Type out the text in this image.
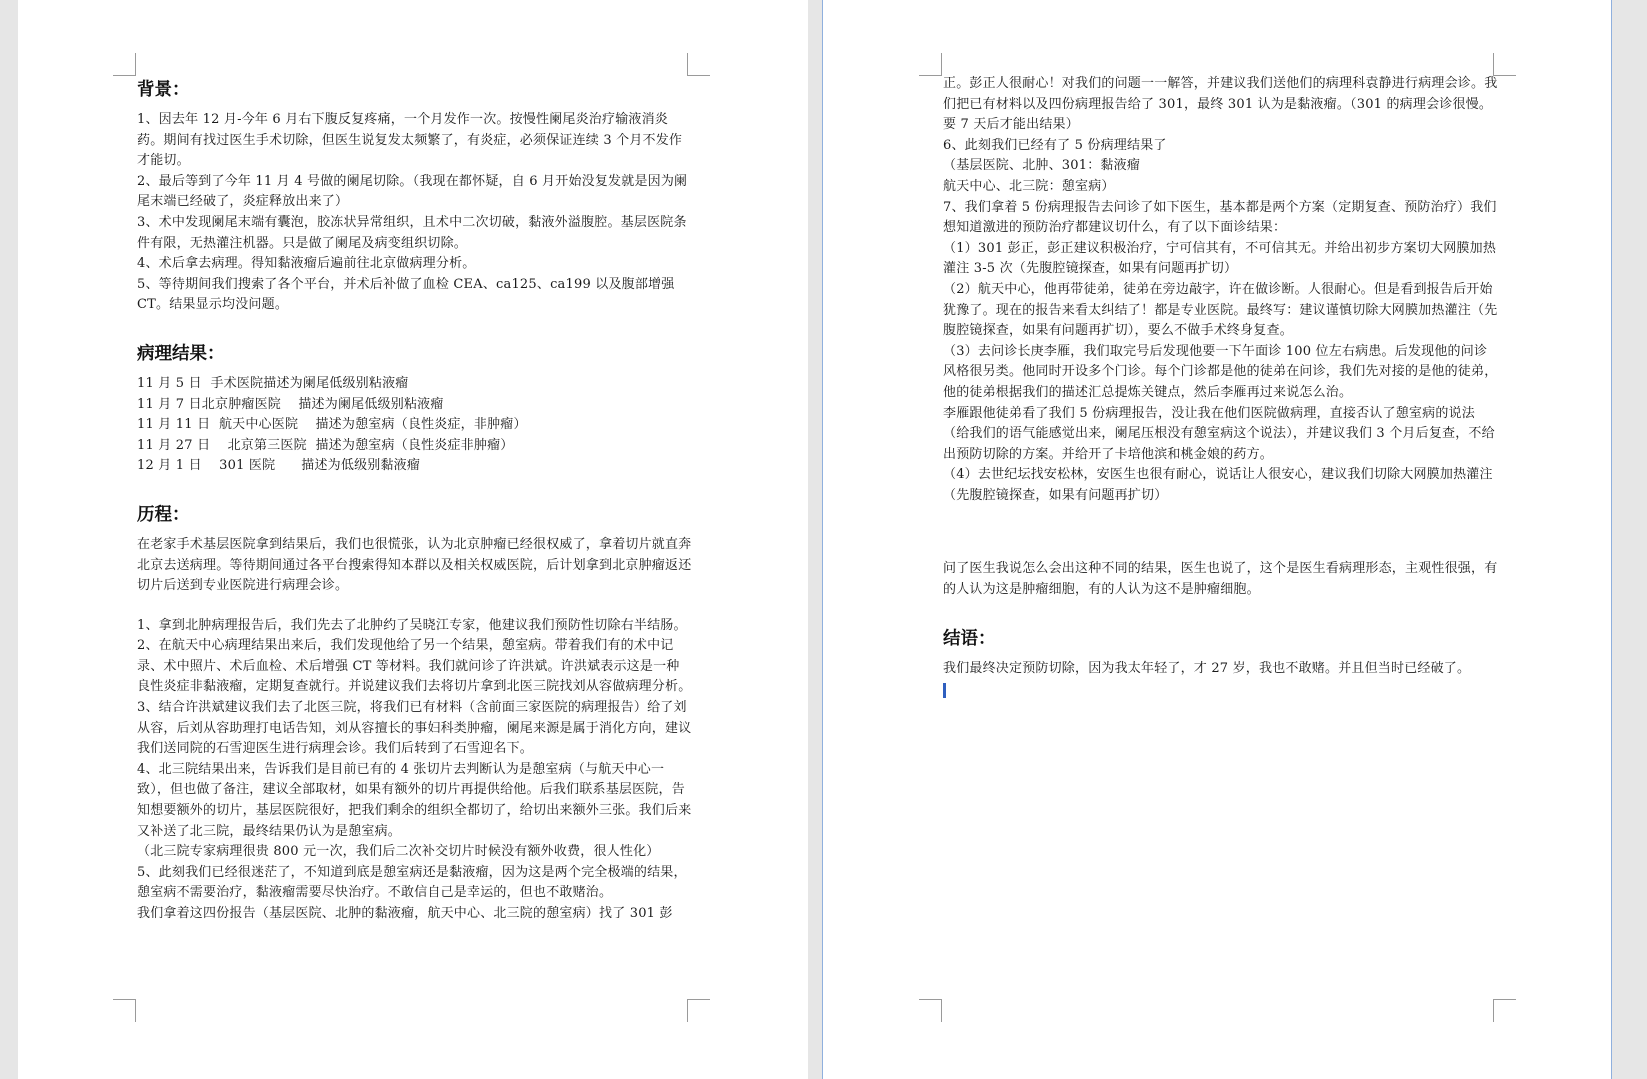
背景：

1、因去年 12 月-今年 6 月右下腹反复疼痛，一个月发作一次。按慢性阑尾炎治疗输液消炎药。期间有找过医生手术切除，但医生说复发太频繁了，有炎症，必须保证连续 3 个月不发作才能切。

2、最后等到了今年 11 月 4 号做的阑尾切除。（我现在都怀疑，自 6 月开始没复发就是因为阑尾末端已经破了，炎症释放出来了）

3、术中发现阑尾末端有囊泡，胶冻状异常组织，且术中二次切破，黏液外溢腹腔。基层医院条件有限，无热灌注机器。只是做了阑尾及病变组织切除。

4、术后拿去病理。得知黏液瘤后遍前往北京做病理分析。

5、等待期间我们搜索了各个平台，并术后补做了血检 CEA、ca125、ca199 以及腹部增强 CT。结果显示均没问题。

病理结果：

11 月 5 日  手术医院描述为阑尾低级别粘液瘤

11 月 7 日北京肿瘤医院    描述为阑尾低级别粘液瘤

11 月 11 日  航天中心医院    描述为憩室病（良性炎症，非肿瘤）

11 月 27 日    北京第三医院  描述为憩室病（良性炎症非肿瘤）

12 月 1 日    301 医院      描述为低级别黏液瘤

历程：

在老家手术基层医院拿到结果后，我们也很慌张，认为北京肿瘤已经很权威了，拿着切片就直奔北京去送病理。等待期间通过各平台搜索得知本群以及相关权威医院，后计划拿到北京肿瘤返还切片后送到专业医院进行病理会诊。

1、拿到北肿病理报告后，我们先去了北肿约了吴晓江专家，他建议我们预防性切除右半结肠。

2、在航天中心病理结果出来后，我们发现他给了另一个结果，憩室病。带着我们有的术中记录、术中照片、术后血检、术后增强 CT 等材料。我们就问诊了许洪斌。许洪斌表示这是一种良性炎症非黏液瘤，定期复查就行。并说建议我们去将切片拿到北医三院找刘从容做病理分析。

3、结合许洪斌建议我们去了北医三院，将我们已有材料（含前面三家医院的病理报告）给了刘从容，后刘从容助理打电话告知，刘从容擅长的事妇科类肿瘤，阑尾来源是属于消化方向，建议我们送同院的石雪迎医生进行病理会诊。我们后转到了石雪迎名下。

4、北三院结果出来，告诉我们是目前已有的 4 张切片去判断认为是憩室病（与航天中心一致），但也做了备注，建议全部取材，如果有额外的切片再提供给他。后我们联系基层医院，告知想要额外的切片，基层医院很好，把我们剩余的组织全都切了，给切出来额外三张。我们后来又补送了北三院，最终结果仍认为是憩室病。

（北三院专家病理很贵 800 元一次，我们后二次补交切片时候没有额外收费，很人性化）

5、此刻我们已经很迷茫了，不知道到底是憩室病还是黏液瘤，因为这是两个完全极端的结果，憩室病不需要治疗，黏液瘤需要尽快治疗。不敢信自己是幸运的，但也不敢赌治。

我们拿着这四份报告（基层医院、北肿的黏液瘤，航天中心、北三院的憩室病）找了 301 彭

正。彭正人很耐心！对我们的问题一一解答，并建议我们送他们的病理科袁静进行病理会诊。我们把已有材料以及四份病理报告给了 301，最终 301 认为是黏液瘤。（301 的病理会诊很慢。要 7 天后才能出结果）

6、此刻我们已经有了 5 份病理结果了

（基层医院、北肿、301：黏液瘤

航天中心、北三院：憩室病）

7、我们拿着 5 份病理报告去问诊了如下医生，基本都是两个方案（定期复查、预防治疗）我们想知道激进的预防治疗都建议切什么，有了以下面诊结果：

（1）301 彭正，彭正建议积极治疗，宁可信其有，不可信其无。并给出初步方案切大网膜加热灌注 3-5 次（先腹腔镜探查，如果有问题再扩切）

（2）航天中心，他再带徒弟，徒弟在旁边敲字，许在做诊断。人很耐心。但是看到报告后开始犹豫了。现在的报告来看太纠结了！都是专业医院。最终写：建议谨慎切除大网膜加热灌注（先腹腔镜探查，如果有问题再扩切），要么不做手术终身复查。

（3）去问诊长庚李雁，我们取完号后发现他要一下午面诊 100 位左右病患。后发现他的问诊风格很另类。他同时开设多个门诊。每个门诊都是他的徒弟在问诊，我们先对接的是他的徒弟，他的徒弟根据我们的描述汇总提炼关键点，然后李雁再过来说怎么治。

李雁跟他徒弟看了我们 5 份病理报告，没让我在他们医院做病理，直接否认了憩室病的说法（给我们的语气能感觉出来，阑尾压根没有憩室病这个说法），并建议我们 3 个月后复查，不给出预防切除的方案。并给开了卡培他滨和桃金娘的药方。

（4）去世纪坛找安松林，安医生也很有耐心，说话让人很安心，建议我们切除大网膜加热灌注（先腹腔镜探查，如果有问题再扩切）

问了医生我说怎么会出这种不同的结果，医生也说了，这个是医生看病理形态，主观性很强，有的人认为这是肿瘤细胞，有的人认为这不是肿瘤细胞。

结语：

我们最终决定预防切除，因为我太年轻了，才 27 岁，我也不敢赌。并且但当时已经破了。
